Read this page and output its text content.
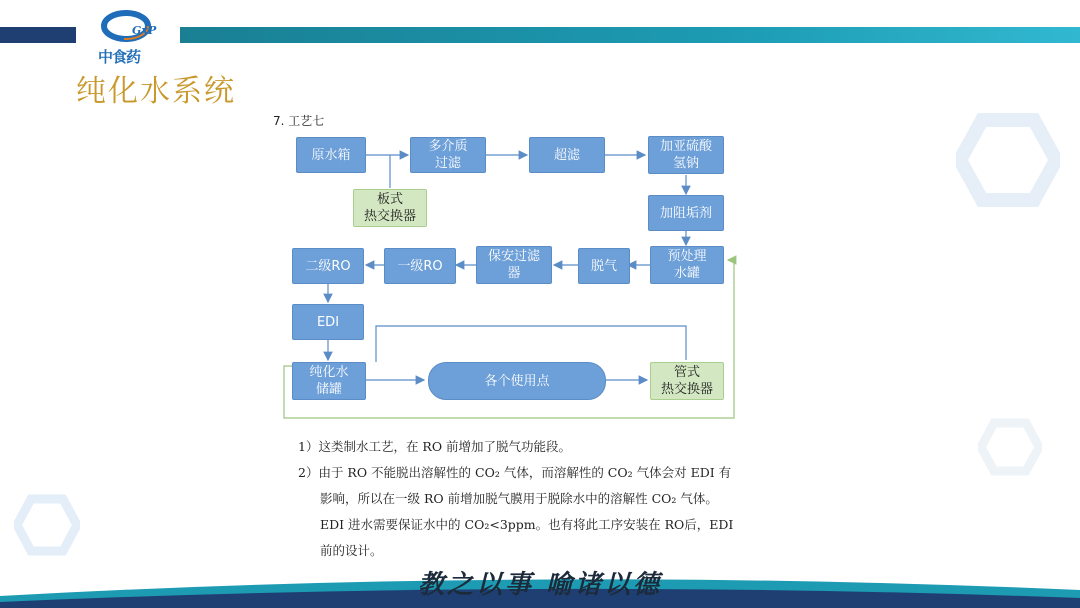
GxP
中食药
纯化水系统
7. 工艺七
原水箱
多介质
过滤
超滤
加亚硫酸
氢钠
板式
热交换器	加阻垢剂
预处理
水罐
脱气
保安过滤
器
一级RO
二级RO
EDI
纯化水
储罐
各个使用点
管式
热交换器

1）这类制水工艺，在 RO 前增加了脱气功能段。

2）由于 RO 不能脱出溶解性的 CO₂ 气体，而溶解性的 CO₂ 气体会对 EDI 有

影响，所以在一级 RO 前增加脱气膜用于脱除水中的溶解性 CO₂ 气体。

EDI 进水需要保证水中的 CO₂<3ppm。也有将此工序安装在 RO后，EDI

前的设计。

教之以事 喻诸以德
